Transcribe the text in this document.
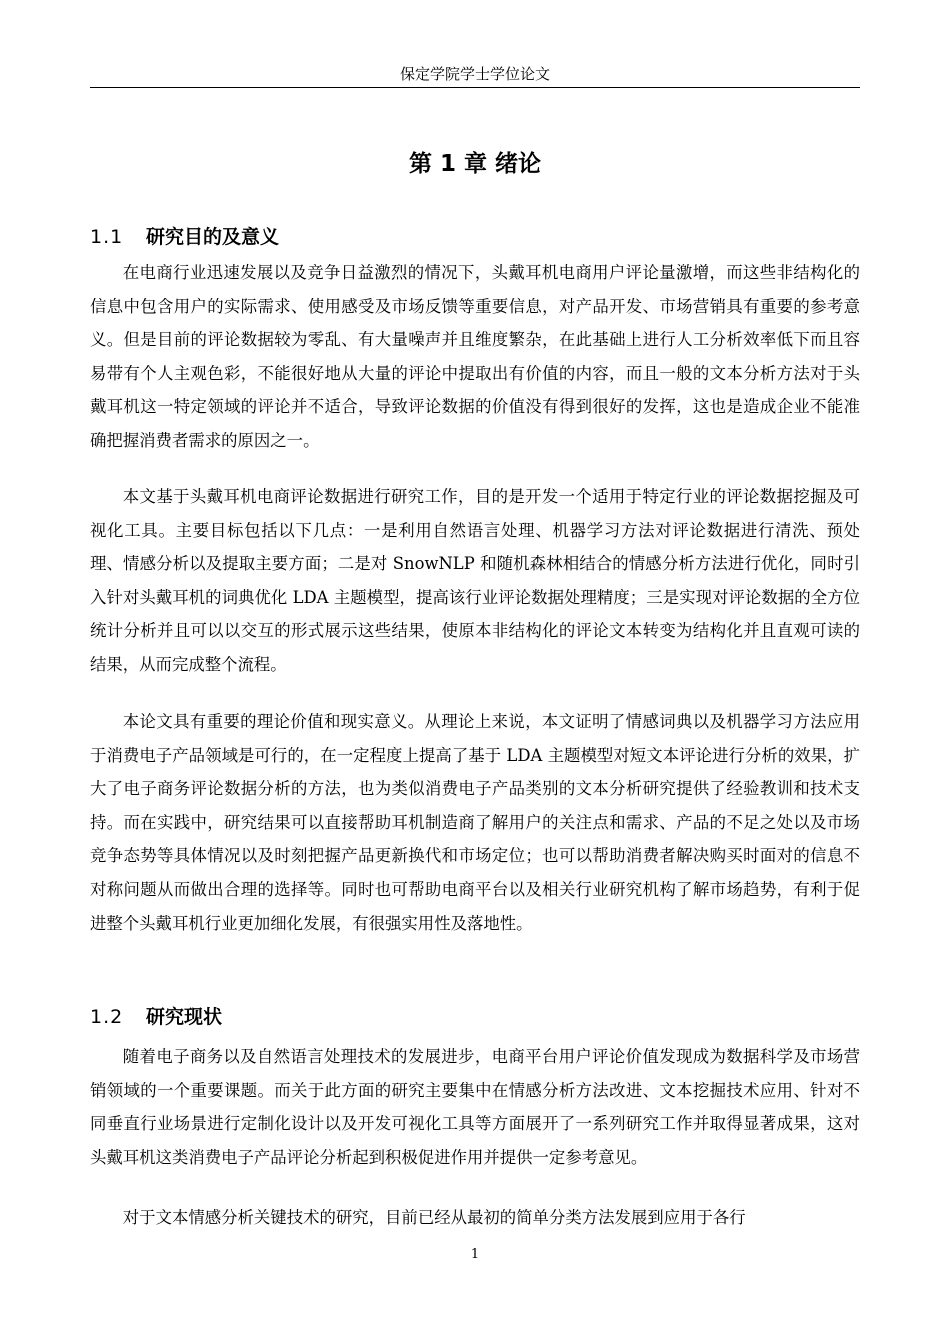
保定学院学士学位论文
第 1 章 绪论
1.1 研究目的及意义

在电商行业迅速发展以及竞争日益激烈的情况下，头戴耳机电商用户评论量激增，而这些非结构化的信息中包含用户的实际需求、使用感受及市场反馈等重要信息，对产品开发、市场营销具有重要的参考意义。但是目前的评论数据较为零乱、有大量噪声并且维度繁杂，在此基础上进行人工分析效率低下而且容易带有个人主观色彩，不能很好地从大量的评论中提取出有价值的内容，而且一般的文本分析方法对于头戴耳机这一特定领域的评论并不适合，导致评论数据的价值没有得到很好的发挥，这也是造成企业不能准确把握消费者需求的原因之一。

本文基于头戴耳机电商评论数据进行研究工作，目的是开发一个适用于特定行业的评论数据挖掘及可视化工具。主要目标包括以下几点：一是利用自然语言处理、机器学习方法对评论数据进行清洗、预处理、情感分析以及提取主要方面；二是对 SnowNLP 和随机森林相结合的情感分析方法进行优化，同时引入针对头戴耳机的词典优化 LDA 主题模型，提高该行业评论数据处理精度；三是实现对评论数据的全方位统计分析并且可以以交互的形式展示这些结果，使原本非结构化的评论文本转变为结构化并且直观可读的结果，从而完成整个流程。

本论文具有重要的理论价值和现实意义。从理论上来说，本文证明了情感词典以及机器学习方法应用于消费电子产品领域是可行的，在一定程度上提高了基于 LDA 主题模型对短文本评论进行分析的效果，扩大了电子商务评论数据分析的方法，也为类似消费电子产品类别的文本分析研究提供了经验教训和技术支持。而在实践中，研究结果可以直接帮助耳机制造商了解用户的关注点和需求、产品的不足之处以及市场竞争态势等具体情况以及时刻把握产品更新换代和市场定位；也可以帮助消费者解决购买时面对的信息不对称问题从而做出合理的选择等。同时也可帮助电商平台以及相关行业研究机构了解市场趋势，有利于促进整个头戴耳机行业更加细化发展，有很强实用性及落地性。

1.2 研究现状

随着电子商务以及自然语言处理技术的发展进步，电商平台用户评论价值发现成为数据科学及市场营销领域的一个重要课题。而关于此方面的研究主要集中在情感分析方法改进、文本挖掘技术应用、针对不同垂直行业场景进行定制化设计以及开发可视化工具等方面展开了一系列研究工作并取得显著成果，这对头戴耳机这类消费电子产品评论分析起到积极促进作用并提供一定参考意见。

对于文本情感分析关键技术的研究，目前已经从最初的简单分类方法发展到应用于各行

1
